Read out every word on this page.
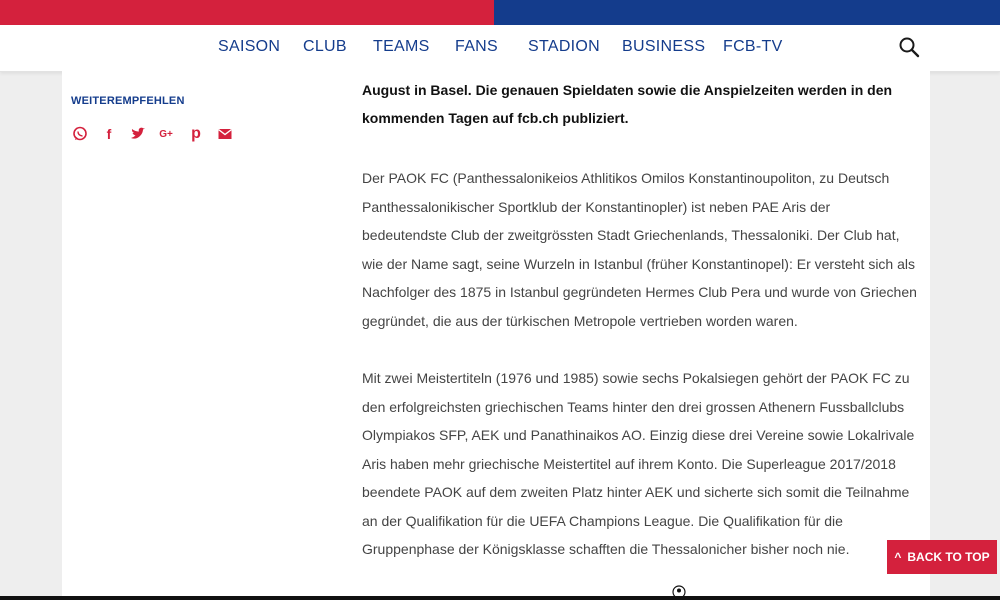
SAISON CLUB TEAMS FANS STADION BUSINESS FCB-TV
WEITEREMPFEHLEN
f	G+ p

August in Basel. Die genauen Spieldaten sowie die Anspielzeiten werden in den kommenden Tagen auf fcb.ch publiziert.

Der PAOK FC (Panthessalonikeios Athlitikos Omilos Konstantinoupoliton, zu Deutsch Panthessalonikischer Sportklub der Konstantinopler) ist neben PAE Aris der bedeutendste Club der zweitgrössten Stadt Griechenlands, Thessaloniki. Der Club hat, wie der Name sagt, seine Wurzeln in Istanbul (früher Konstantinopel): Er versteht sich als Nachfolger des 1875 in Istanbul gegründeten Hermes Club Pera und wurde von Griechen gegründet, die aus der türkischen Metropole vertrieben worden waren.

Mit zwei Meistertiteln (1976 und 1985) sowie sechs Pokalsiegen gehört der PAOK FC zu den erfolgreichsten griechischen Teams hinter den drei grossen Athenern Fussballclubs Olympiakos SFP, AEK und Panathinaikos AO. Einzig diese drei Vereine sowie Lokalrivale Aris haben mehr griechische Meistertitel auf ihrem Konto. Die Superleague 2017/2018 beendete PAOK auf dem zweiten Platz hinter AEK und sicherte sich somit die Teilnahme an der Qualifikation für die UEFA Champions League. Die Qualifikation für die Gruppenphase der Königsklasse schafften die Thessalonicher bisher noch nie.	^ BACK TO TOP
